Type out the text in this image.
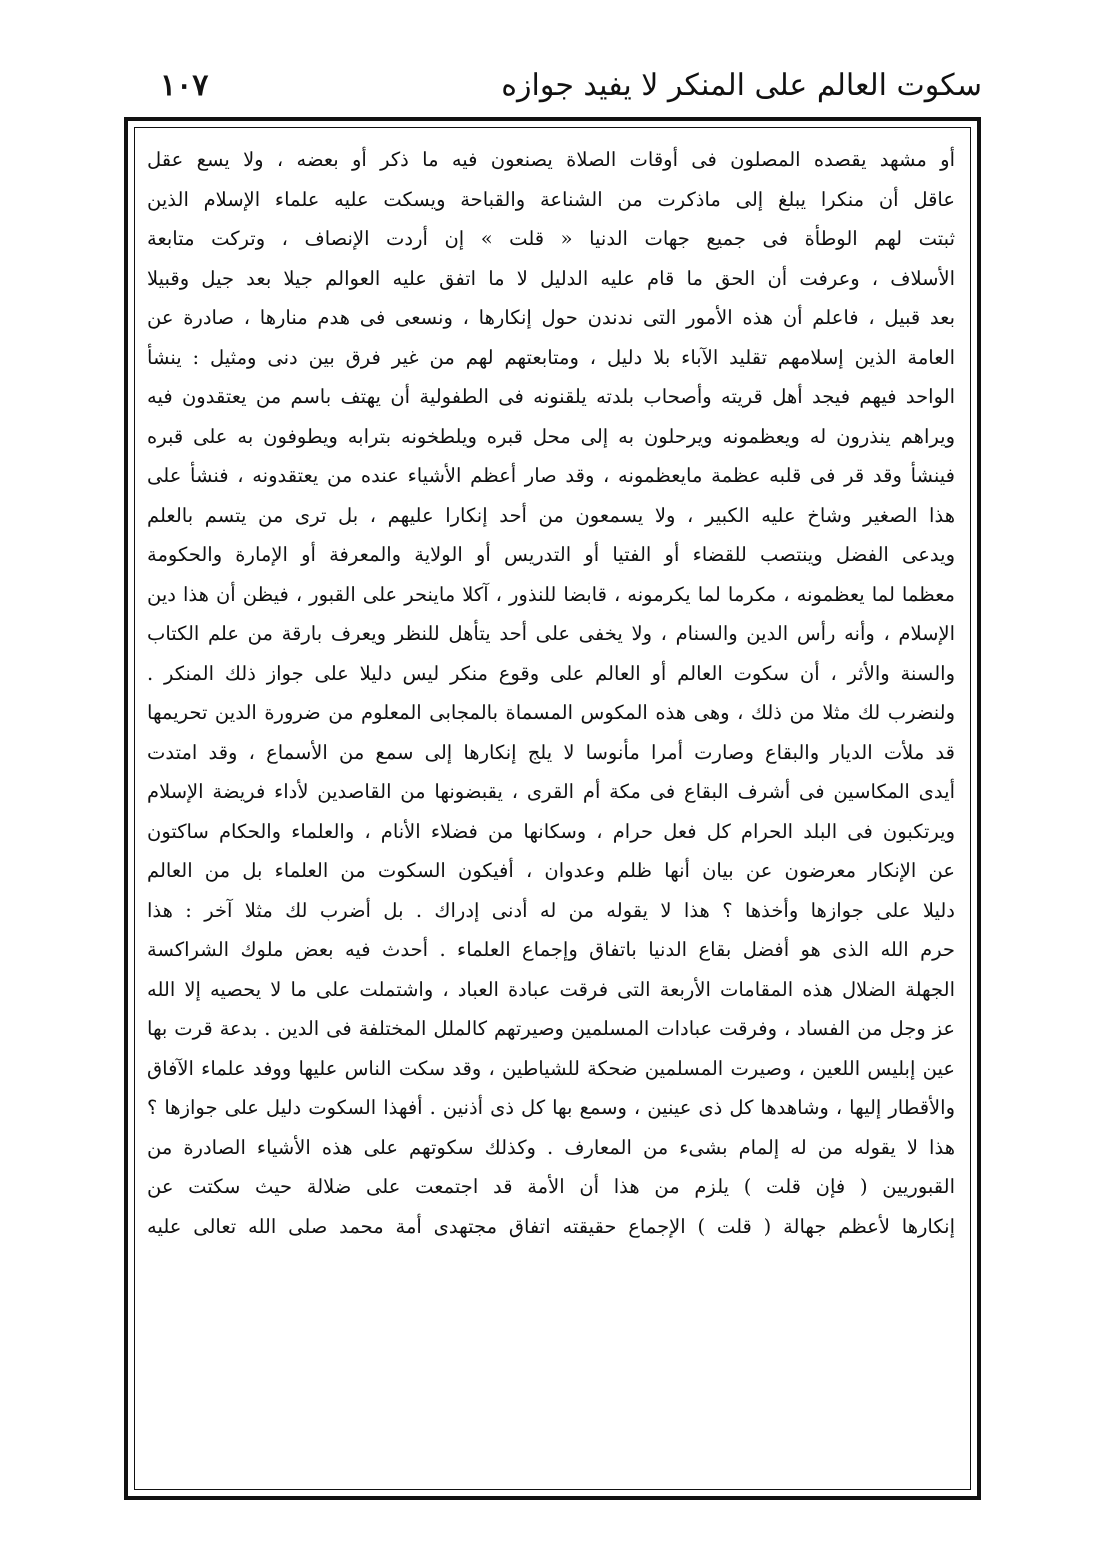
سكوت العالم على المنكر لا يفيد جوازه
١٠٧
أو مشهد يقصده المصلون فى أوقات الصلاة يصنعون فيه ما ذكر أو بعضه ، ولا يسع عقل
عاقل أن منكرا يبلغ إلى ماذكرت من الشناعة والقباحة ويسكت عليه علماء الإسلام الذين
ثبتت لهم الوطأة فى جميع جهات الدنيا « قلت » إن أردت الإنصاف ، وتركت متابعة
الأسلاف ، وعرفت أن الحق ما قام عليه الدليل لا ما اتفق عليه العوالم جيلا بعد جيل وقبيلا
بعد قبيل ، فاعلم أن هذه الأمور التى ندندن حول إنكارها ، ونسعى فى هدم منارها ، صادرة عن
العامة الذين إسلامهم تقليد الآباء بلا دليل ، ومتابعتهم لهم من غير فرق بين دنى ومثيل : ينشأ
الواحد فيهم فيجد أهل قريته وأصحاب بلدته يلقنونه فى الطفولية أن يهتف باسم من يعتقدون فيه
ويراهم ينذرون له ويعظمونه ويرحلون به إلى محل قبره ويلطخونه بترابه ويطوفون به على قبره
فينشأ وقد قر فى قلبه عظمة مايعظمونه ، وقد صار أعظم الأشياء عنده من يعتقدونه ، فنشأ على
هذا الصغير وشاخ عليه الكبير ، ولا يسمعون من أحد إنكارا عليهم ، بل ترى من يتسم بالعلم
ويدعى الفضل وينتصب للقضاء أو الفتيا أو التدريس أو الولاية والمعرفة أو الإمارة والحكومة
معظما لما يعظمونه ، مكرما لما يكرمونه ، قابضا للنذور ، آكلا ماينحر على القبور ، فيظن أن هذا دين
الإسلام ، وأنه رأس الدين والسنام ، ولا يخفى على أحد يتأهل للنظر ويعرف بارقة من علم الكتاب
والسنة والأثر ، أن سكوت العالم أو العالم على وقوع منكر ليس دليلا على جواز ذلك المنكر .
ولنضرب لك مثلا من ذلك ، وهى هذه المكوس المسماة بالمجابى المعلوم من ضرورة الدين تحريمها
قد ملأت الديار والبقاع وصارت أمرا مأنوسا لا يلج إنكارها إلى سمع من الأسماع ، وقد امتدت
أيدى المكاسين فى أشرف البقاع فى مكة أم القرى ، يقبضونها من القاصدين لأداء فريضة الإسلام
ويرتكبون فى البلد الحرام كل فعل حرام ، وسكانها من فضلاء الأنام ، والعلماء والحكام ساكتون
عن الإنكار معرضون عن بيان أنها ظلم وعدوان ، أفيكون السكوت من العلماء بل من العالم
دليلا على جوازها وأخذها ؟ هذا لا يقوله من له أدنى إدراك . بل أضرب لك مثلا آخر : هذا
حرم الله الذى هو أفضل بقاع الدنيا باتفاق وإجماع العلماء . أحدث فيه بعض ملوك الشراكسة
الجهلة الضلال هذه المقامات الأربعة التى فرقت عبادة العباد ، واشتملت على ما لا يحصيه إلا الله
عز وجل من الفساد ، وفرقت عبادات المسلمين وصيرتهم كالملل المختلفة فى الدين . بدعة قرت بها
عين إبليس اللعين ، وصيرت المسلمين ضحكة للشياطين ، وقد سكت الناس عليها ووفد علماء الآفاق
والأقطار إليها ، وشاهدها كل ذى عينين ، وسمع بها كل ذى أذنين . أفهذا السكوت دليل على جوازها ؟
هذا لا يقوله من له إلمام بشىء من المعارف . وكذلك سكوتهم على هذه الأشياء الصادرة من
القبوريين ( فإن قلت ) يلزم من هذا أن الأمة قد اجتمعت على ضلالة حيث سكتت عن
إنكارها لأعظم جهالة ( قلت ) الإجماع حقيقته اتفاق مجتهدى أمة محمد صلى الله تعالى عليه
